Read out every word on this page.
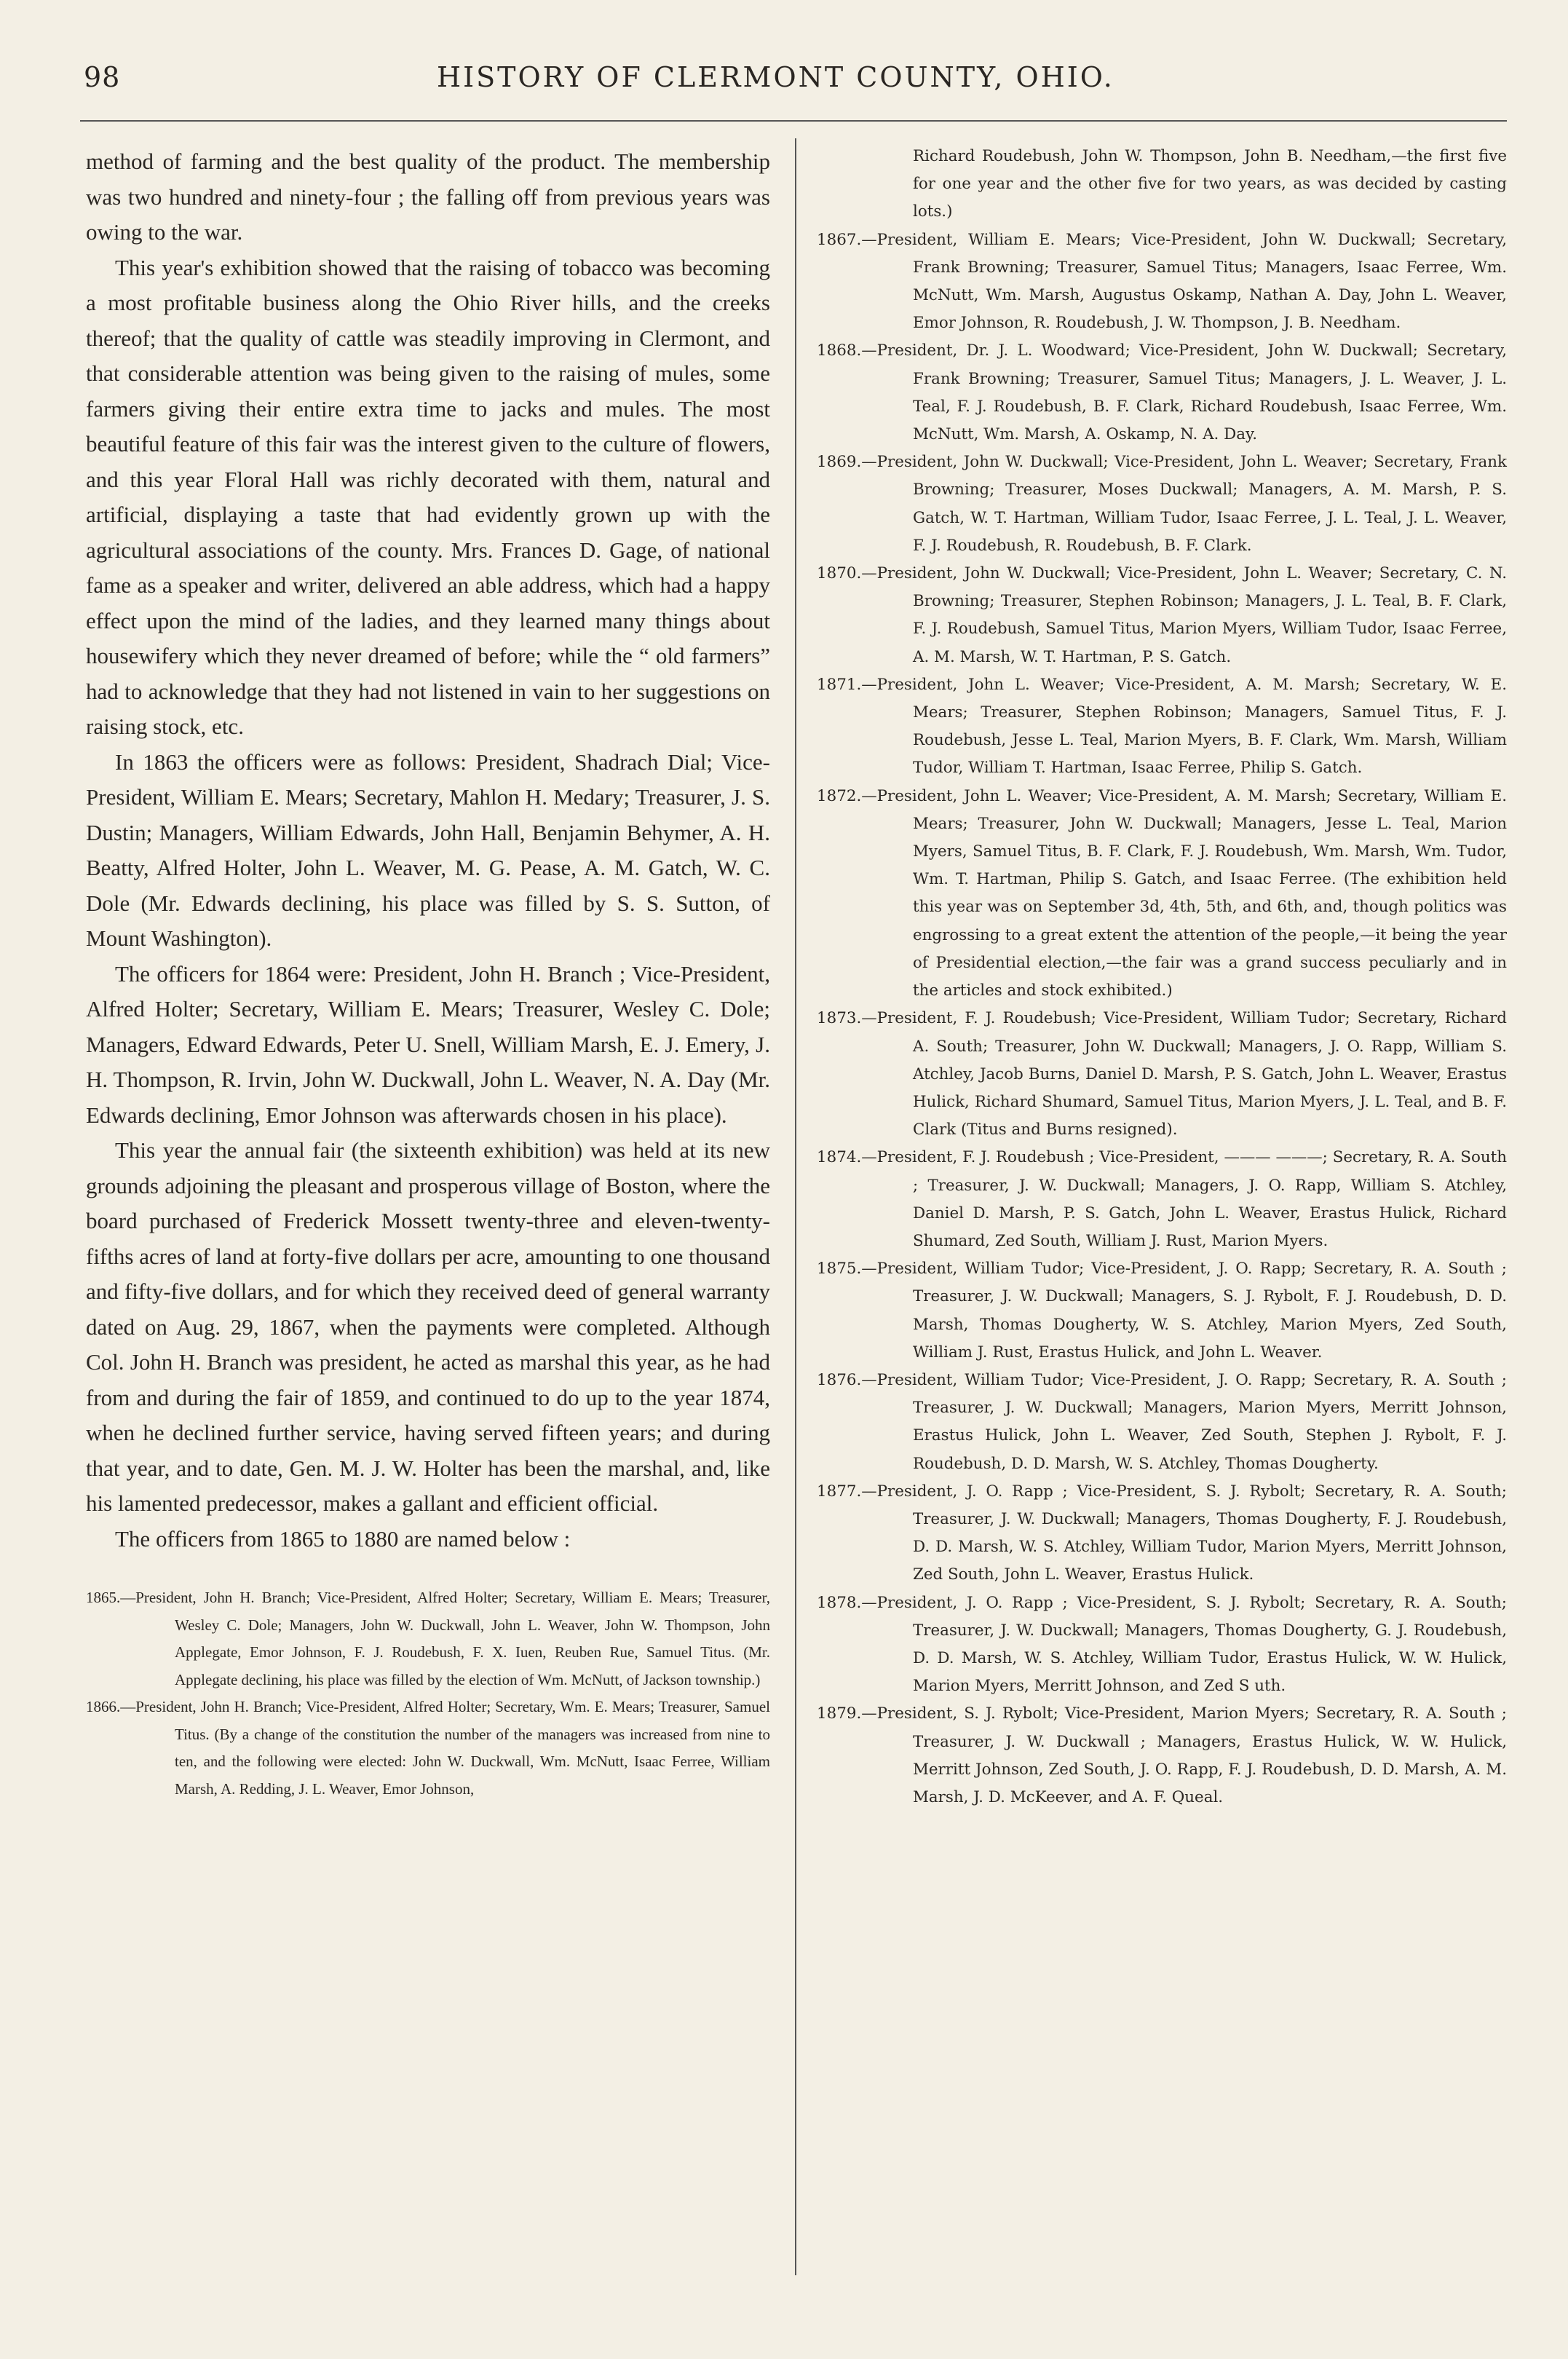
98	HISTORY OF CLERMONT COUNTY, OHIO.

method of farming and the best quality of the product. The membership was two hundred and ninety-four ; the falling off from previous years was owing to the war.

This year's exhibition showed that the raising of tobacco was becoming a most profitable business along the Ohio River hills, and the creeks thereof; that the quality of cattle was steadily improving in Clermont, and that considerable attention was being given to the raising of mules, some farmers giving their entire extra time to jacks and mules. The most beautiful feature of this fair was the interest given to the culture of flowers, and this year Floral Hall was richly decorated with them, natural and artificial, displaying a taste that had evidently grown up with the agricultural associations of the county. Mrs. Frances D. Gage, of national fame as a speaker and writer, delivered an able address, which had a happy effect upon the mind of the ladies, and they learned many things about housewifery which they never dreamed of before; while the “ old farmers” had to acknowledge that they had not listened in vain to her suggestions on raising stock, etc.

In 1863 the officers were as follows: President, Shadrach Dial; Vice-President, William E. Mears; Secretary, Mahlon H. Medary; Treasurer, J. S. Dustin; Managers, William Edwards, John Hall, Benjamin Behymer, A. H. Beatty, Alfred Holter, John L. Weaver, M. G. Pease, A. M. Gatch, W. C. Dole (Mr. Edwards declining, his place was filled by S. S. Sutton, of Mount Washington).

The officers for 1864 were: President, John H. Branch ; Vice-President, Alfred Holter; Secretary, William E. Mears; Treasurer, Wesley C. Dole; Managers, Edward Edwards, Peter U. Snell, William Marsh, E. J. Emery, J. H. Thompson, R. Irvin, John W. Duckwall, John L. Weaver, N. A. Day (Mr. Edwards declining, Emor Johnson was afterwards chosen in his place).

This year the annual fair (the sixteenth exhibition) was held at its new grounds adjoining the pleasant and prosperous village of Boston, where the board purchased of Frederick Mossett twenty-three and eleven-twenty-fifths acres of land at forty-five dollars per acre, amounting to one thousand and fifty-five dollars, and for which they received deed of general warranty dated on Aug. 29, 1867, when the payments were completed. Although Col. John H. Branch was president, he acted as marshal this year, as he had from and during the fair of 1859, and continued to do up to the year 1874, when he declined further service, having served fifteen years; and during that year, and to date, Gen. M. J. W. Holter has been the marshal, and, like his lamented predecessor, makes a gallant and efficient official.

The officers from 1865 to 1880 are named below :

1865.—President, John H. Branch; Vice-President, Alfred Holter; Secretary, William E. Mears; Treasurer, Wesley C. Dole; Managers, John W. Duckwall, John L. Weaver, John W. Thompson, John Applegate, Emor Johnson, F. J. Roudebush, F. X. Iuen, Reuben Rue, Samuel Titus. (Mr. Applegate declining, his place was filled by the election of Wm. McNutt, of Jackson township.)

1866.—President, John H. Branch; Vice-President, Alfred Holter; Secretary, Wm. E. Mears; Treasurer, Samuel Titus. (By a change of the constitution the number of the managers was increased from nine to ten, and the following were elected: John W. Duckwall, Wm. McNutt, Isaac Ferree, William Marsh, A. Redding, J. L. Weaver, Emor Johnson,

Richard Roudebush, John W. Thompson, John B. Needham,—the first five for one year and the other five for two years, as was decided by casting lots.)

1867.—President, William E. Mears; Vice-President, John W. Duckwall; Secretary, Frank Browning; Treasurer, Samuel Titus; Managers, Isaac Ferree, Wm. McNutt, Wm. Marsh, Augustus Oskamp, Nathan A. Day, John L. Weaver, Emor Johnson, R. Roudebush, J. W. Thompson, J. B. Needham.

1868.—President, Dr. J. L. Woodward; Vice-President, John W. Duckwall; Secretary, Frank Browning; Treasurer, Samuel Titus; Managers, J. L. Weaver, J. L. Teal, F. J. Roudebush, B. F. Clark, Richard Roudebush, Isaac Ferree, Wm. McNutt, Wm. Marsh, A. Oskamp, N. A. Day.

1869.—President, John W. Duckwall; Vice-President, John L. Weaver; Secretary, Frank Browning; Treasurer, Moses Duckwall; Managers, A. M. Marsh, P. S. Gatch, W. T. Hartman, William Tudor, Isaac Ferree, J. L. Teal, J. L. Weaver, F. J. Roudebush, R. Roudebush, B. F. Clark.

1870.—President, John W. Duckwall; Vice-President, John L. Weaver; Secretary, C. N. Browning; Treasurer, Stephen Robinson; Managers, J. L. Teal, B. F. Clark, F. J. Roudebush, Samuel Titus, Marion Myers, William Tudor, Isaac Ferree, A. M. Marsh, W. T. Hartman, P. S. Gatch.

1871.—President, John L. Weaver; Vice-President, A. M. Marsh; Secretary, W. E. Mears; Treasurer, Stephen Robinson; Managers, Samuel Titus, F. J. Roudebush, Jesse L. Teal, Marion Myers, B. F. Clark, Wm. Marsh, William Tudor, William T. Hartman, Isaac Ferree, Philip S. Gatch.

1872.—President, John L. Weaver; Vice-President, A. M. Marsh; Secretary, William E. Mears; Treasurer, John W. Duckwall; Managers, Jesse L. Teal, Marion Myers, Samuel Titus, B. F. Clark, F. J. Roudebush, Wm. Marsh, Wm. Tudor, Wm. T. Hartman, Philip S. Gatch, and Isaac Ferree. (The exhibition held this year was on September 3d, 4th, 5th, and 6th, and, though politics was engrossing to a great extent the attention of the people,—it being the year of Presidential election,—the fair was a grand success peculiarly and in the articles and stock exhibited.)

1873.—President, F. J. Roudebush; Vice-President, William Tudor; Secretary, Richard A. South; Treasurer, John W. Duckwall; Managers, J. O. Rapp, William S. Atchley, Jacob Burns, Daniel D. Marsh, P. S. Gatch, John L. Weaver, Erastus Hulick, Richard Shumard, Samuel Titus, Marion Myers, J. L. Teal, and B. F. Clark (Titus and Burns resigned).

1874.—President, F. J. Roudebush ; Vice-President, ——— ———; Secretary, R. A. South ; Treasurer, J. W. Duckwall; Managers, J. O. Rapp, William S. Atchley, Daniel D. Marsh, P. S. Gatch, John L. Weaver, Erastus Hulick, Richard Shumard, Zed South, William J. Rust, Marion Myers.

1875.—President, William Tudor; Vice-President, J. O. Rapp; Secretary, R. A. South ; Treasurer, J. W. Duckwall; Managers, S. J. Rybolt, F. J. Roudebush, D. D. Marsh, Thomas Dougherty, W. S. Atchley, Marion Myers, Zed South, William J. Rust, Erastus Hulick, and John L. Weaver.

1876.—President, William Tudor; Vice-President, J. O. Rapp; Secretary, R. A. South ; Treasurer, J. W. Duckwall; Managers, Marion Myers, Merritt Johnson, Erastus Hulick, John L. Weaver, Zed South, Stephen J. Rybolt, F. J. Roudebush, D. D. Marsh, W. S. Atchley, Thomas Dougherty.

1877.—President, J. O. Rapp ; Vice-President, S. J. Rybolt; Secretary, R. A. South; Treasurer, J. W. Duckwall; Managers, Thomas Dougherty, F. J. Roudebush, D. D. Marsh, W. S. Atchley, William Tudor, Marion Myers, Merritt Johnson, Zed South, John L. Weaver, Erastus Hulick.

1878.—President, J. O. Rapp ; Vice-President, S. J. Rybolt; Secretary, R. A. South; Treasurer, J. W. Duckwall; Managers, Thomas Dougherty, G. J. Roudebush, D. D. Marsh, W. S. Atchley, William Tudor, Erastus Hulick, W. W. Hulick, Marion Myers, Merritt Johnson, and Zed S uth.

1879.—President, S. J. Rybolt; Vice-President, Marion Myers; Secretary, R. A. South ; Treasurer, J. W. Duckwall ; Managers, Erastus Hulick, W. W. Hulick, Merritt Johnson, Zed South, J. O. Rapp, F. J. Roudebush, D. D. Marsh, A. M. Marsh, J. D. McKeever, and A. F. Queal.
